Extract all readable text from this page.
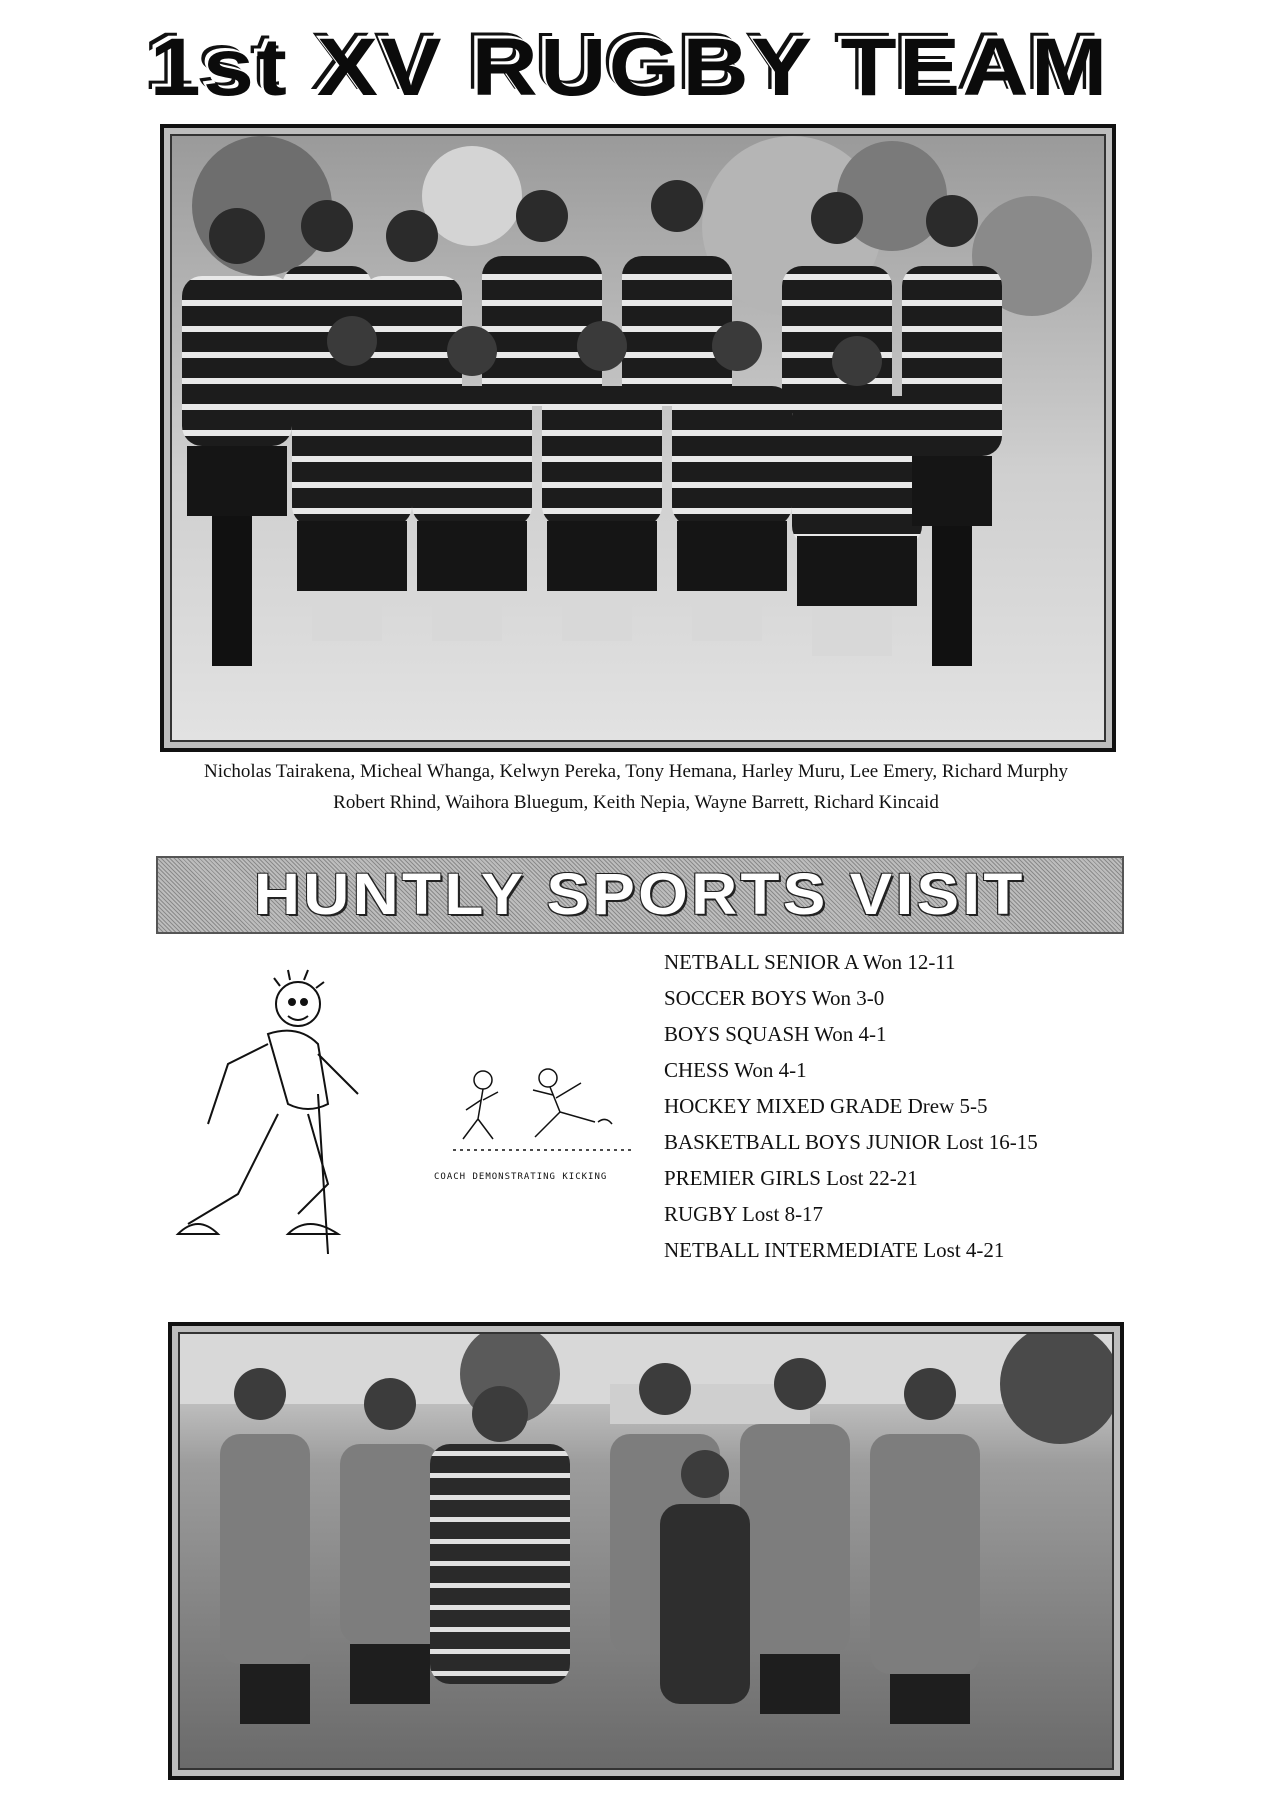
1st XV RUGBY TEAM
Nicholas Tairakena, Micheal Whanga, Kelwyn Pereka, Tony Hemana, Harley Muru, Lee Emery, Richard Murphy
Robert Rhind, Waihora Bluegum, Keith Nepia, Wayne Barrett, Richard Kincaid
HUNTLY SPORTS VISIT
COACH DEMONSTRATING KICKING
NETBALL SENIOR A Won 12-11
SOCCER BOYS Won 3-0
BOYS SQUASH Won 4-1
CHESS Won 4-1
HOCKEY MIXED GRADE Drew 5-5
BASKETBALL BOYS JUNIOR Lost 16-15
PREMIER GIRLS Lost 22-21
RUGBY Lost 8-17
NETBALL INTERMEDIATE Lost 4-21
